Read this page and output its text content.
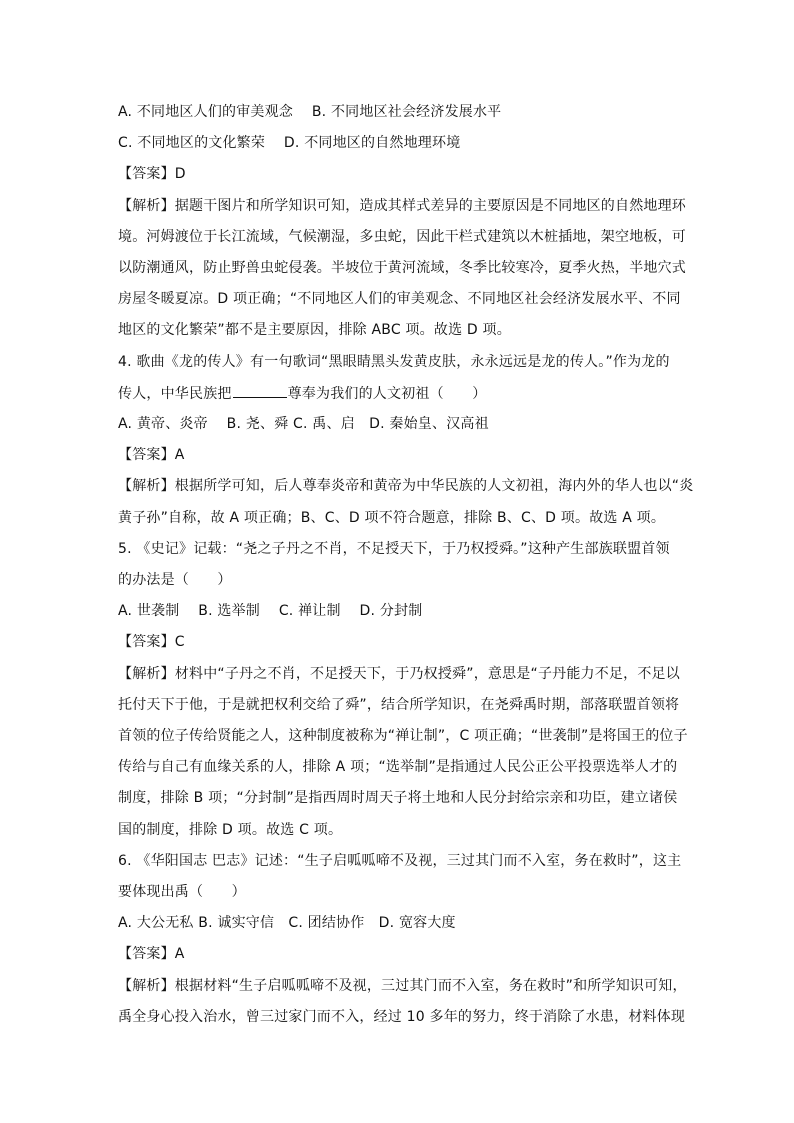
A. 不同地区人们的审美观念　 B. 不同地区社会经济发展水平
C. 不同地区的文化繁荣　 D. 不同地区的自然地理环境
【答案】D
【解析】据题干图片和所学知识可知，造成其样式差异的主要原因是不同地区的自然地理环
境。河姆渡位于长江流域，气候潮湿，多虫蛇，因此干栏式建筑以木桩插地，架空地板，可
以防潮通风，防止野兽虫蛇侵袭。半坡位于黄河流域，冬季比较寒冷，夏季火热，半地穴式
房屋冬暖夏凉。D 项正确；“不同地区人们的审美观念、不同地区社会经济发展水平、不同
地区的文化繁荣”都不是主要原因，排除 ABC 项。故选 D 项。
4. 歌曲《龙的传人》有一句歌词“黑眼睛黑头发黄皮肤，永永远远是龙的传人。”作为龙的
传人，中华民族把	尊奉为我们的人文初祖（　　）
A. 黄帝、炎帝　 B. 尧、舜 C. 禹、启　D. 秦始皇、汉高祖
【答案】A
【解析】根据所学可知，后人尊奉炎帝和黄帝为中华民族的人文初祖，海内外的华人也以“炎
黄子孙”自称，故 A 项正确；B、C、D 项不符合题意，排除 B、C、D 项。故选 A 项。
5. 《史记》记载：“尧之子丹之不肖，不足授天下，于乃权授舜。”这种产生部族联盟首领
的办法是（　　）
A. 世袭制　 B. 选举制　 C. 禅让制　 D. 分封制
【答案】C
【解析】材料中“子丹之不肖，不足授天下，于乃权授舜”，意思是“子丹能力不足，不足以
托付天下于他，于是就把权利交给了舜”，结合所学知识，在尧舜禹时期，部落联盟首领将
首领的位子传给贤能之人，这种制度被称为“禅让制”，C 项正确；“世袭制”是将国王的位子
传给与自己有血缘关系的人，排除 A 项；“选举制”是指通过人民公正公平投票选举人才的
制度，排除 B 项；“分封制”是指西周时周天子将土地和人民分封给宗亲和功臣，建立诸侯
国的制度，排除 D 项。故选 C 项。
6. 《华阳国志 巴志》记述：“生子启呱呱啼不及视，三过其门而不入室，务在救时”，这主
要体现出禹（　　）
A. 大公无私 B. 诚实守信　C. 团结协作　D. 宽容大度
【答案】A
【解析】根据材料“生子启呱呱啼不及视，三过其门而不入室，务在救时”和所学知识可知，
禹全身心投入治水，曾三过家门而不入，经过 10 多年的努力，终于消除了水患，材料体现
